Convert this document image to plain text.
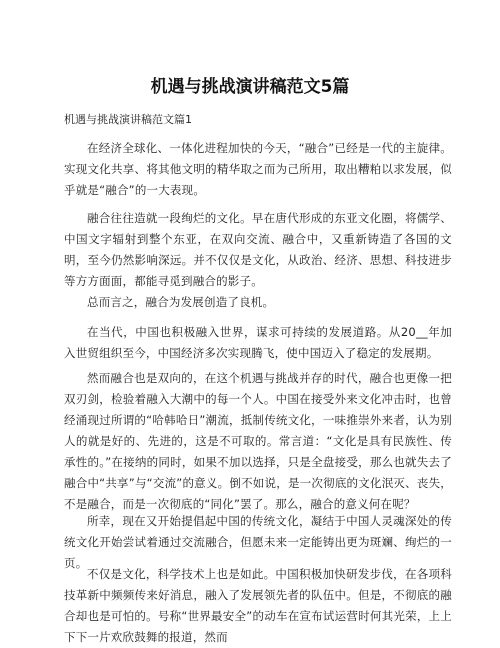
机遇与挑战演讲稿范文5篇

机遇与挑战演讲稿范文篇1

在经济全球化、一体化进程加快的今天，“融合”已经是一代的主旋律。实现文化共享、将其他文明的精华取之而为己所用，取出糟粕以求发展，似乎就是“融合”的一大表现。

融合往往造就一段绚烂的文化。早在唐代形成的东亚文化圈，将儒学、中国文字辐射到整个东亚，在双向交流、融合中，又重新铸造了各国的文明，至今仍然影响深远。并不仅仅是文化，从政治、经济、思想、科技进步等方方面面，都能寻觅到融合的影子。

总而言之，融合为发展创造了良机。

在当代，中国也积极融入世界，谋求可持续的发展道路。从20__年加入世贸组织至今，中国经济多次实现腾飞，使中国迈入了稳定的发展期。

然而融合也是双向的，在这个机遇与挑战并存的时代，融合也更像一把双刃剑，检验着融入大潮中的每一个人。中国在接受外来文化冲击时，也曾经涌现过所谓的“哈韩哈日”潮流，抵制传统文化，一味推崇外来者，认为别人的就是好的、先进的，这是不可取的。常言道：“文化是具有民族性、传承性的。”在接纳的同时，如果不加以选择，只是全盘接受，那么也就失去了融合中“共享”与“交流”的意义。倒不如说，是一次彻底的文化泯灭、丧失，不是融合，而是一次彻底的“同化”罢了。那么，融合的意义何在呢？

所幸，现在又开始提倡起中国的传统文化，凝结于中国人灵魂深处的传统文化开始尝试着通过交流融合，但愿未来一定能铸出更为斑斓、绚烂的一页。

不仅是文化，科学技术上也是如此。中国积极加快研发步伐，在各项科技革新中频频传来好消息，融入了发展领先者的队伍中。但是，不彻底的融合却也是可怕的。号称“世界最安全”的动车在宣布试运营时何其光荣，上上下下一片欢欣鼓舞的报道，然而
